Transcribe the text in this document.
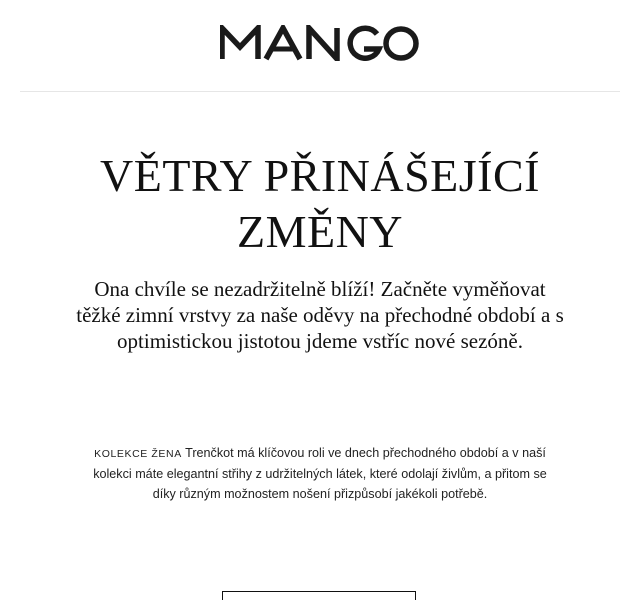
VĚTRY PŘINÁŠEJÍCÍ ZMĚNY

Ona chvíle se nezadržitelně blíží! Začněte vyměňovat těžké zimní vrstvy za naše oděvy na přechodné období a s optimistickou jistotou jdeme vstříc nové sezóně.

KOLEKCE ŽENA Trenčkot má klíčovou roli ve dnech přechodného období a v naší kolekci máte elegantní střihy z udržitelných látek, které odolají živlům, a přitom se díky různým možnostem nošení přizpůsobí jakékoli potřebě.
